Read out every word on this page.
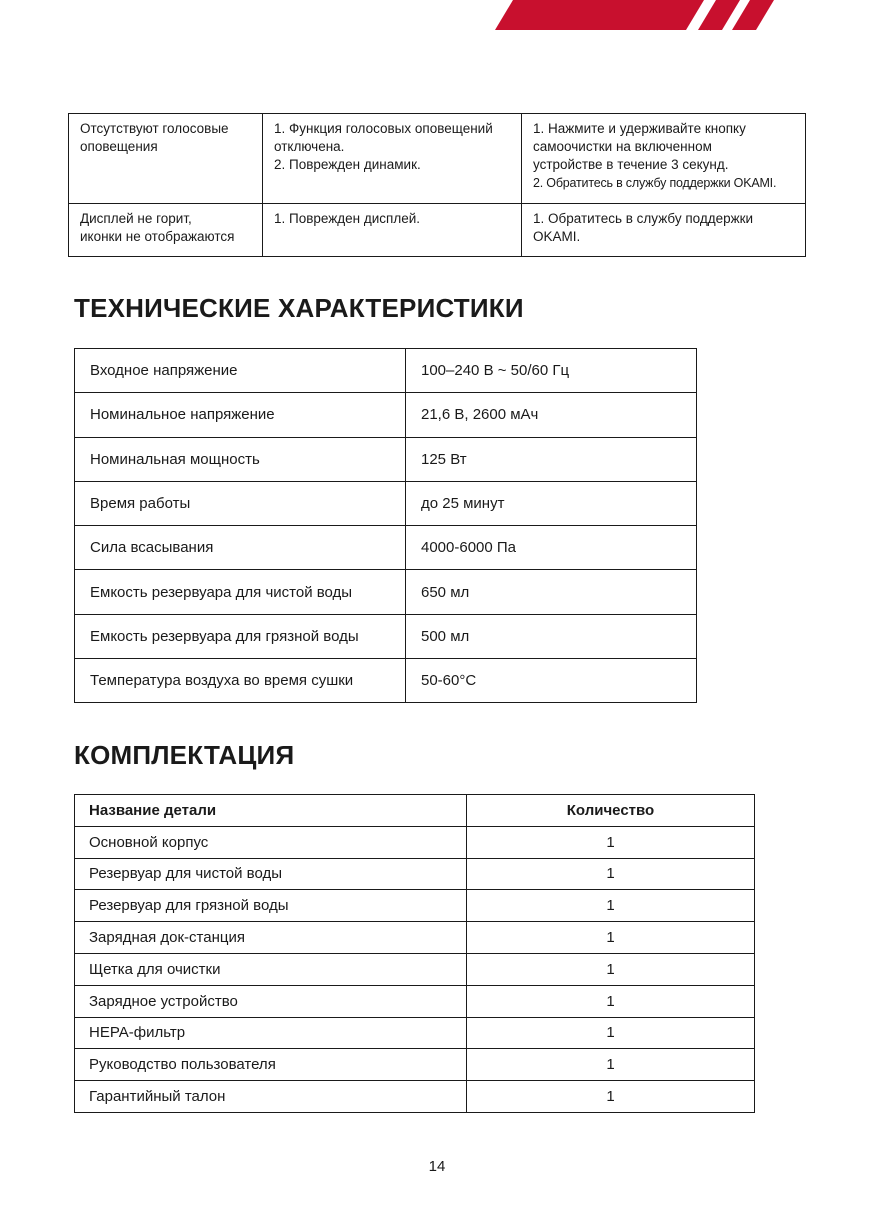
Отсутствуют голосовые
оповещения	1. Функция голосовых оповещений
отключена.
2. Поврежден динамик.	1. Нажмите и удерживайте кнопку
самоочистки на включенном
устройстве в течение 3 секунд.
2. Обратитесь в службу поддержки OKAMI.

Дисплей не горит,
иконки не отображаются	1. Поврежден дисплей.	1. Обратитесь в службу поддержки
OKAMI.
ТЕХНИЧЕСКИЕ ХАРАКТЕРИСТИКИ
Входное напряжение	100–240 В ~ 50/60 Гц
Номинальное напряжение	21,6 В, 2600 мАч
Номинальная мощность	125 Вт
Время работы	до 25 минут
Сила всасывания	4000-6000 Па
Емкость резервуара для чистой воды	650 мл
Емкость резервуара для грязной воды	500 мл
Температура воздуха во время сушки	50-60°С
КОМПЛЕКТАЦИЯ
Название детали	Количество
Основной корпус	1
Резервуар для чистой воды	1
Резервуар для грязной воды	1
Зарядная док-станция	1
Щетка для очистки	1
Зарядное устройство	1
HEPA-фильтр	1
Руководство пользователя	1
Гарантийный талон	1
14
